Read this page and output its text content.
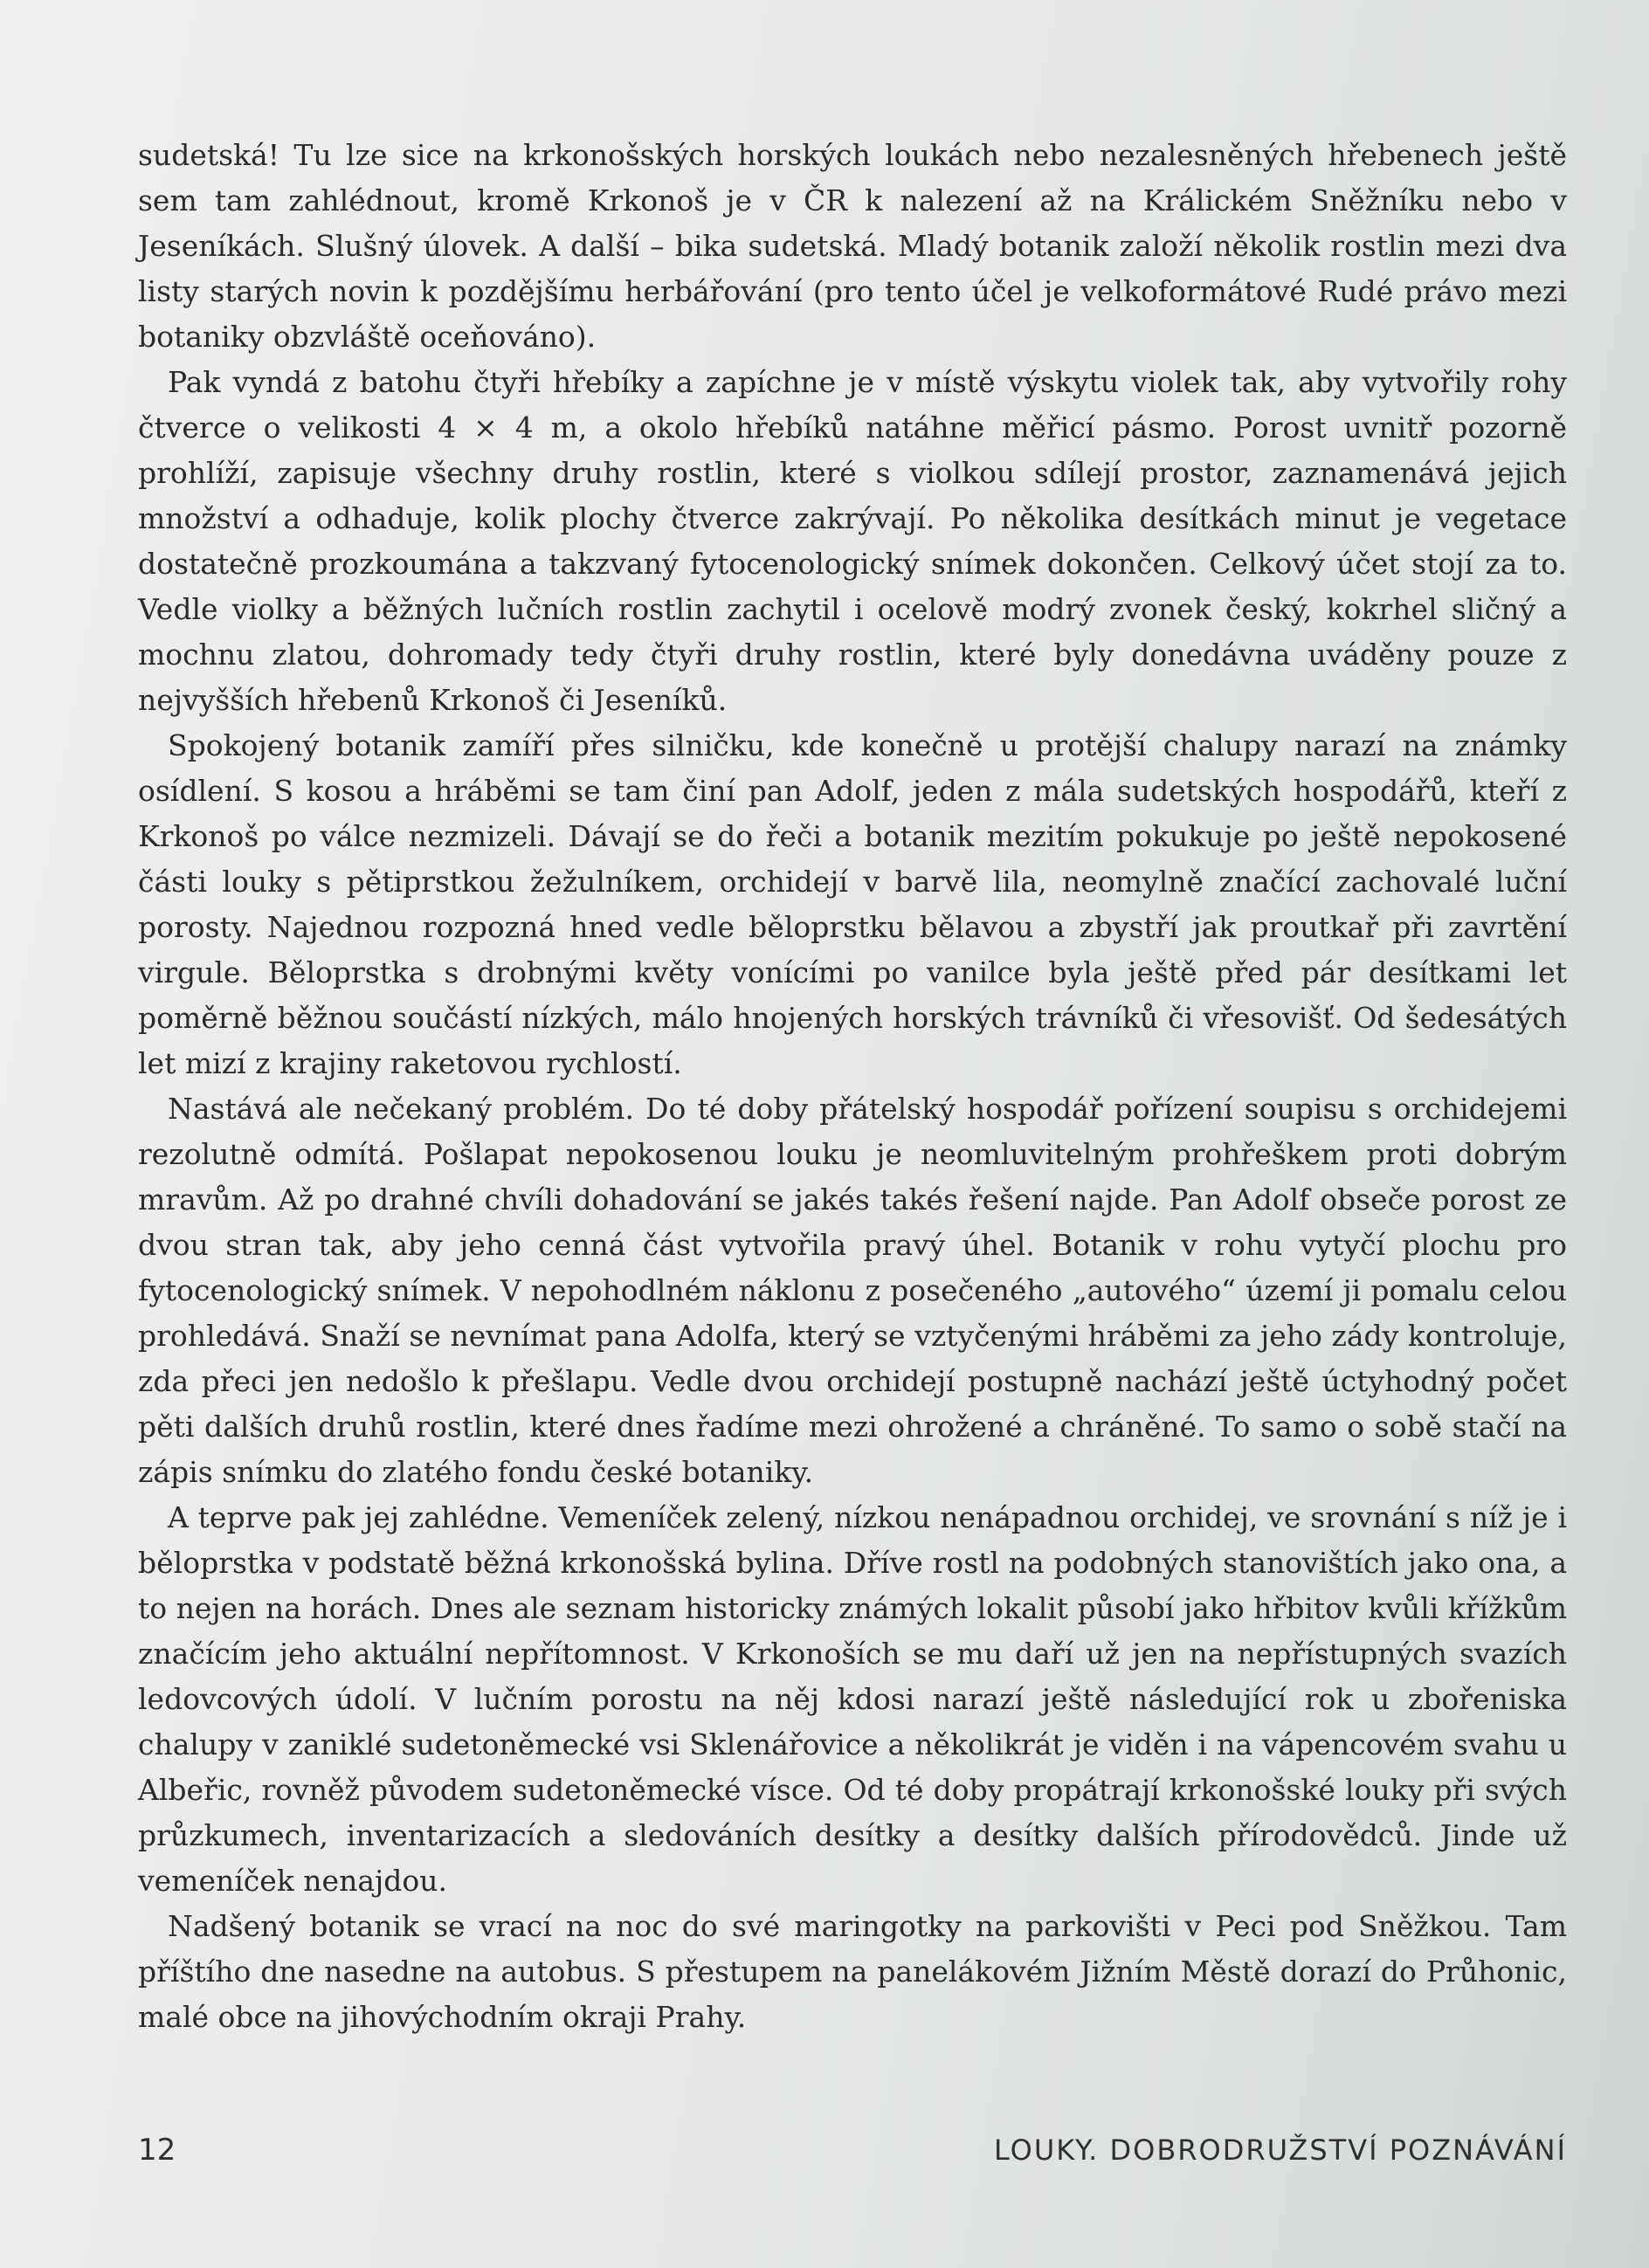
sudetská! Tu lze sice na krkonošských horských loukách nebo nezalesněných hřebenech ještě sem tam zahlédnout, kromě Krkonoš je v ČR k nalezení až na Králickém Sněžníku nebo v Jeseníkách. Slušný úlovek. A další – bika sudetská. Mladý botanik založí několik rostlin mezi dva listy starých novin k pozdějšímu herbářování (pro tento účel je velkoformátové Rudé právo mezi botaniky obzvláště oceňováno).

Pak vyndá z batohu čtyři hřebíky a zapíchne je v místě výskytu violek tak, aby vytvořily rohy čtverce o velikosti 4 × 4 m, a okolo hřebíků natáhne měřicí pásmo. Porost uvnitř pozorně prohlíží, zapisuje všechny druhy rostlin, které s violkou sdílejí prostor, zaznamenává jejich množství a odhaduje, kolik plochy čtverce zakrývají. Po několika desítkách minut je vegetace dostatečně prozkoumána a takzvaný fytocenologický snímek dokončen. Celkový účet stojí za to. Vedle violky a běžných lučních rostlin zachytil i ocelově modrý zvonek český, kokrhel sličný a mochnu zlatou, dohromady tedy čtyři druhy rostlin, které byly donedávna uváděny pouze z nejvyšších hřebenů Krkonoš či Jeseníků.

Spokojený botanik zamíří přes silničku, kde konečně u protější chalupy narazí na známky osídlení. S kosou a hráběmi se tam činí pan Adolf, jeden z mála sudetských hospodářů, kteří z Krkonoš po válce nezmizeli. Dávají se do řeči a botanik mezitím pokukuje po ještě nepokosené části louky s pětiprstkou žežulníkem, orchidejí v barvě lila, neomylně značící zachovalé luční porosty. Najednou rozpozná hned vedle běloprstku bělavou a zbystří jak proutkař při zavrtění virgule. Běloprstka s drobnými květy vonícími po vanilce byla ještě před pár desítkami let poměrně běžnou součástí nízkých, málo hnojených horských trávníků či vřesovišť. Od šedesátých let mizí z krajiny raketovou rychlostí.

Nastává ale nečekaný problém. Do té doby přátelský hospodář pořízení soupisu s orchidejemi rezolutně odmítá. Pošlapat nepokosenou louku je neomluvitelným prohřeškem proti dobrým mravům. Až po drahné chvíli dohadování se jakés takés řešení najde. Pan Adolf obseče porost ze dvou stran tak, aby jeho cenná část vytvořila pravý úhel. Botanik v rohu vytyčí plochu pro fytocenologický snímek. V nepohodlném náklonu z posečeného „autového“ území ji pomalu celou prohledává. Snaží se nevnímat pana Adolfa, který se vztyčenými hráběmi za jeho zády kontroluje, zda přeci jen nedošlo k přešlapu. Vedle dvou orchidejí postupně nachází ještě úctyhodný počet pěti dalších druhů rostlin, které dnes řadíme mezi ohrožené a chráněné. To samo o sobě stačí na zápis snímku do zlatého fondu české botaniky.

A teprve pak jej zahlédne. Vemeníček zelený, nízkou nenápadnou orchidej, ve srovnání s níž je i běloprstka v podstatě běžná krkonošská bylina. Dříve rostl na podobných stanovištích jako ona, a to nejen na horách. Dnes ale seznam historicky známých lokalit působí jako hřbitov kvůli křížkům značícím jeho aktuální nepřítomnost. V Krkonoších se mu daří už jen na nepřístupných svazích ledovcových údolí. V lučním porostu na něj kdosi narazí ještě následující rok u zbořeniska chalupy v zaniklé sudetoněmecké vsi Sklenářovice a několikrát je viděn i na vápencovém svahu u Albeřic, rovněž původem sudetoněmecké vísce. Od té doby propátrají krkonošské louky při svých průzkumech, inventarizacích a sledováních desítky a desítky dalších přírodovědců. Jinde už vemeníček nenajdou.

Nadšený botanik se vrací na noc do své maringotky na parkovišti v Peci pod Sněžkou. Tam příštího dne nasedne na autobus. S přestupem na panelákovém Jižním Městě dorazí do Průhonic, malé obce na jihovýchodním okraji Prahy.

12	LOUKY. DOBRODRUŽSTVÍ POZNÁVÁNÍ
